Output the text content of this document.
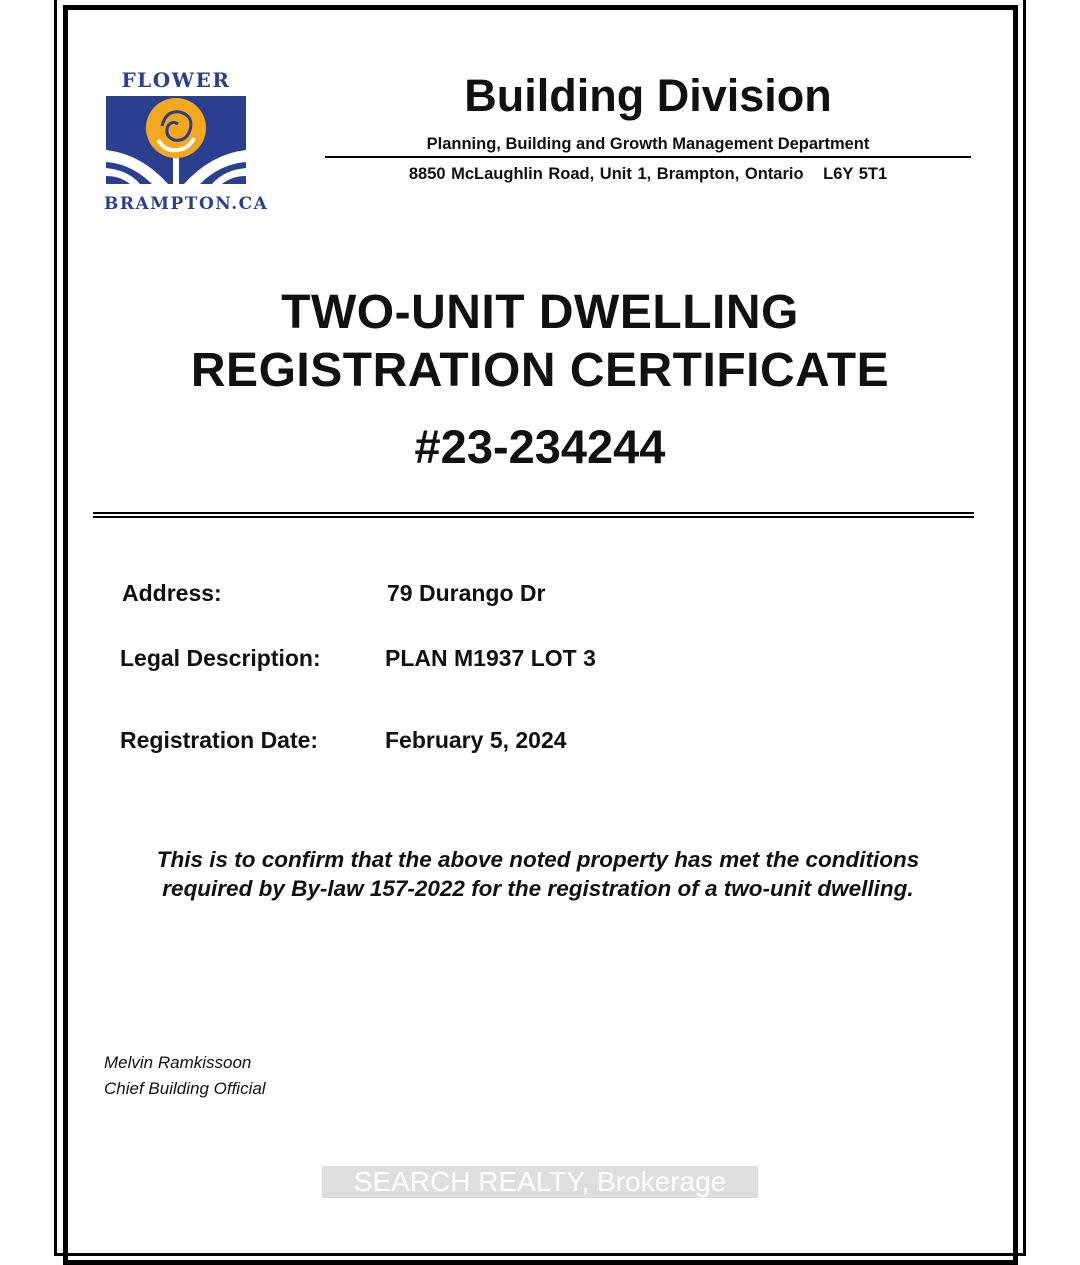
FLOWER
BRAMPTON.CA
Building Division
Planning, Building and Growth Management Department
8850 McLaughlin Road, Unit 1, Brampton, Ontario L6Y 5T1
TWO-UNIT DWELLING
REGISTRATION CERTIFICATE
#23-234244
Address:	79 Durango Dr
Legal Description:	PLAN M1937 LOT 3
Registration Date:	February 5, 2024
This is to confirm that the above noted property has met the conditions
required by By-law 157-2022 for the registration of a two-unit dwelling.
Melvin Ramkissoon
Chief Building Official
SEARCH REALTY, Brokerage
